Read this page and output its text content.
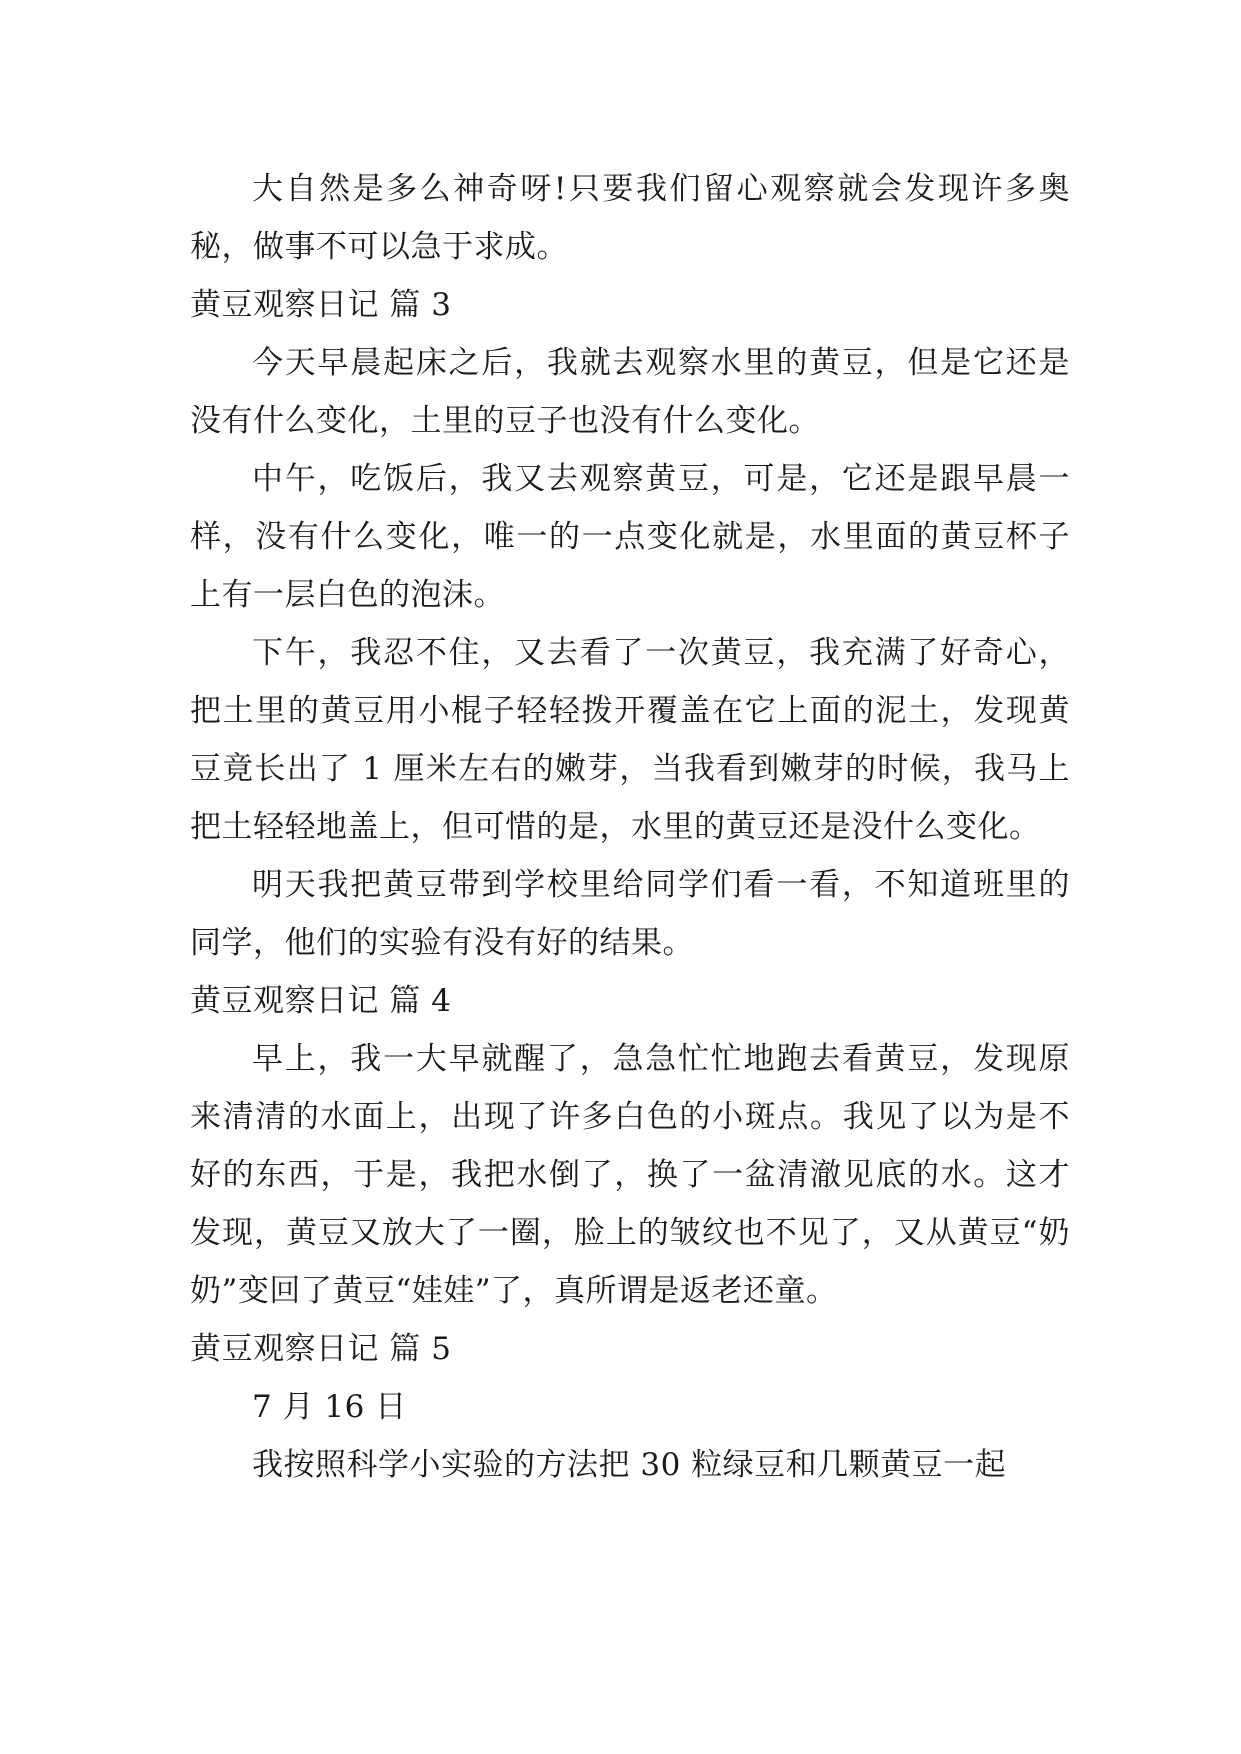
大自然是多么神奇呀!只要我们留心观察就会发现许多奥秘，做事不可以急于求成。

黄豆观察日记 篇 3

今天早晨起床之后，我就去观察水里的黄豆，但是它还是没有什么变化，土里的豆子也没有什么变化。

中午，吃饭后，我又去观察黄豆，可是，它还是跟早晨一样，没有什么变化，唯一的一点变化就是，水里面的黄豆杯子上有一层白色的泡沫。

下午，我忍不住，又去看了一次黄豆，我充满了好奇心，把土里的黄豆用小棍子轻轻拨开覆盖在它上面的泥土，发现黄豆竟长出了 1 厘米左右的嫩芽，当我看到嫩芽的时候，我马上把土轻轻地盖上，但可惜的是，水里的黄豆还是没什么变化。

明天我把黄豆带到学校里给同学们看一看，不知道班里的同学，他们的实验有没有好的结果。

黄豆观察日记 篇 4

早上，我一大早就醒了，急急忙忙地跑去看黄豆，发现原来清清的水面上，出现了许多白色的小斑点。我见了以为是不好的东西，于是，我把水倒了，换了一盆清澈见底的水。这才发现，黄豆又放大了一圈，脸上的皱纹也不见了，又从黄豆“奶奶”变回了黄豆“娃娃”了，真所谓是返老还童。

黄豆观察日记 篇 5

7 月 16 日

我按照科学小实验的方法把 30 粒绿豆和几颗黄豆一起
